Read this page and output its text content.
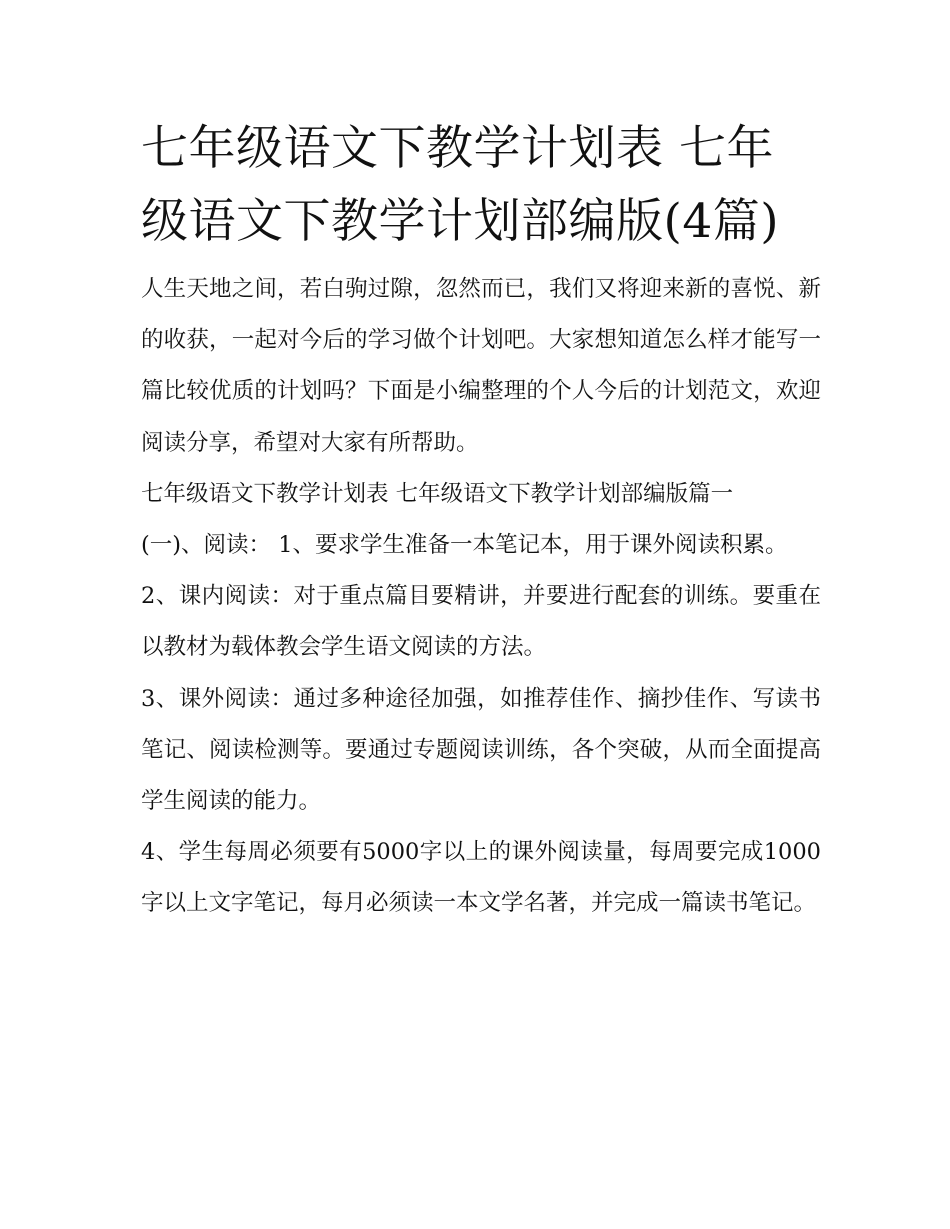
七年级语文下教学计划表 七年级语文下教学计划部编版(4篇)

人生天地之间，若白驹过隙，忽然而已，我们又将迎来新的喜悦、新的收获，一起对今后的学习做个计划吧。大家想知道怎么样才能写一篇比较优质的计划吗？下面是小编整理的个人今后的计划范文，欢迎阅读分享，希望对大家有所帮助。

七年级语文下教学计划表 七年级语文下教学计划部编版篇一

(一)、阅读： 1、要求学生准备一本笔记本，用于课外阅读积累。

2、课内阅读：对于重点篇目要精讲，并要进行配套的训练。要重在以教材为载体教会学生语文阅读的方法。

3、课外阅读：通过多种途径加强，如推荐佳作、摘抄佳作、写读书笔记、阅读检测等。要通过专题阅读训练，各个突破，从而全面提高学生阅读的能力。

4、学生每周必须要有5000字以上的课外阅读量，每周要完成1000字以上文字笔记，每月必须读一本文学名著，并完成一篇读书笔记。
